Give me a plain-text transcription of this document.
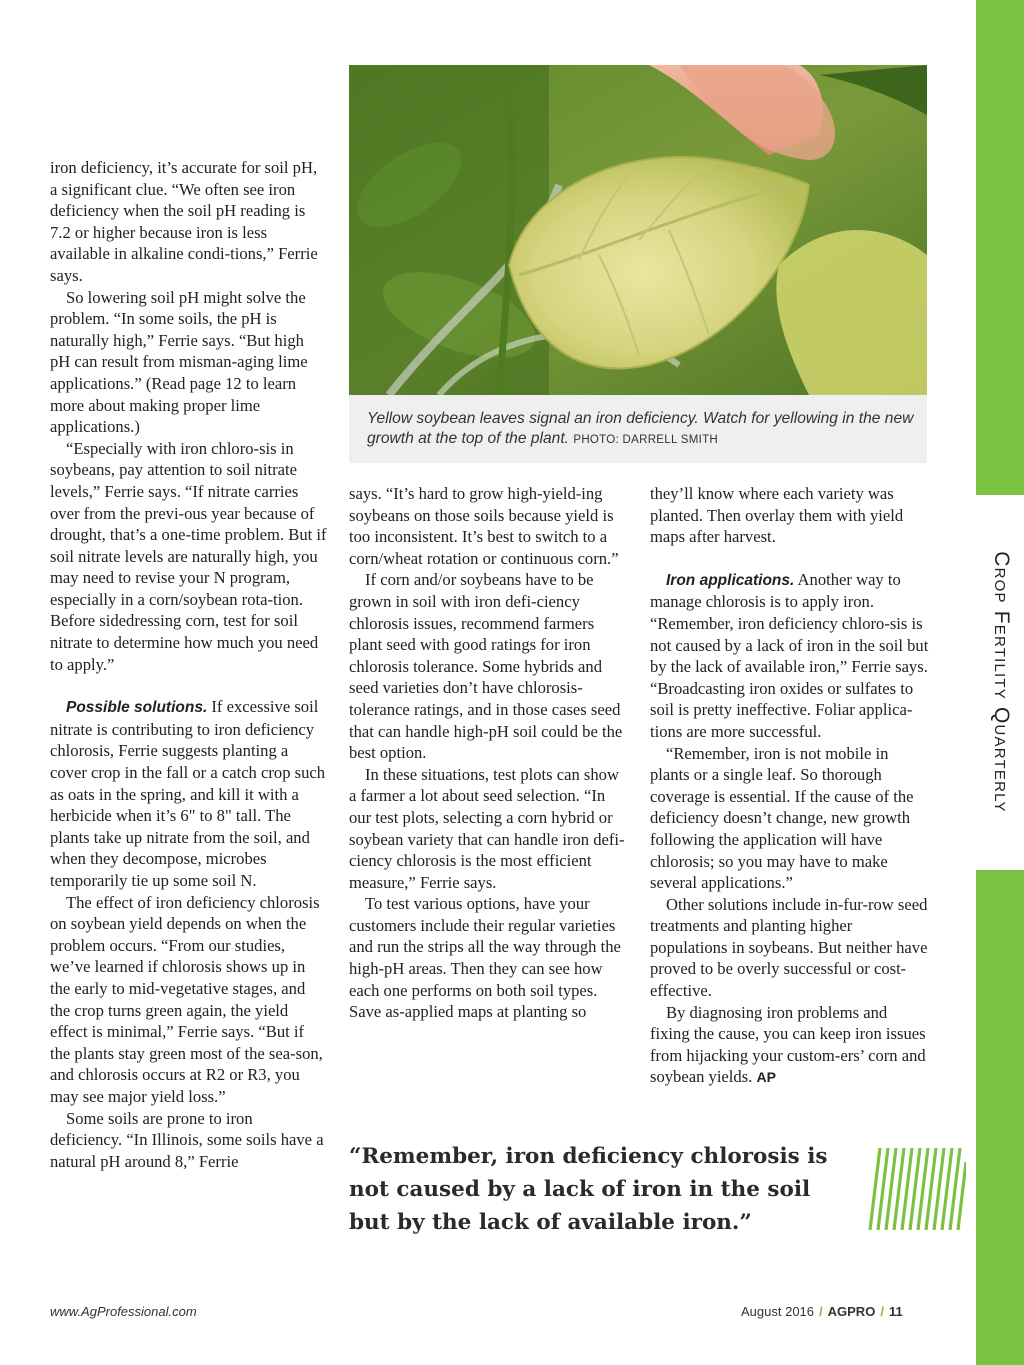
Crop Fertility Quarterly
Yellow soybean leaves signal an iron deficiency. Watch for yellowing in the new growth at the top of the plant. PHOTO: DARRELL SMITH

iron deficiency, it’s accurate for soil pH, a significant clue. “We often see iron deficiency when the soil pH reading is 7.2 or higher because iron is less available in alkaline condi-tions,” Ferrie says.

So lowering soil pH might solve the problem. “In some soils, the pH is naturally high,” Ferrie says. “But high pH can result from misman-aging lime applications.” (Read page 12 to learn more about making proper lime applications.)

“Especially with iron chloro-sis in soybeans, pay attention to soil nitrate levels,” Ferrie says. “If nitrate carries over from the previ-ous year because of drought, that’s a one-time problem. But if soil nitrate levels are naturally high, you may need to revise your N program, especially in a corn/soybean rota-tion. Before sidedressing corn, test for soil nitrate to determine how much you need to apply.”

Possible solutions. If excessive soil nitrate is contributing to iron deficiency chlorosis, Ferrie suggests planting a cover crop in the fall or a catch crop such as oats in the spring, and kill it with a herbicide when it’s 6" to 8" tall. The plants take up nitrate from the soil, and when they decompose, microbes temporarily tie up some soil N.

The effect of iron deficiency chlorosis on soybean yield depends on when the problem occurs. “From our studies, we’ve learned if chlorosis shows up in the early to mid-vegetative stages, and the crop turns green again, the yield effect is minimal,” Ferrie says. “But if the plants stay green most of the sea-son, and chlorosis occurs at R2 or R3, you may see major yield loss.”

Some soils are prone to iron deficiency. “In Illinois, some soils have a natural pH around 8,” Ferrie

says. “It’s hard to grow high-yield-ing soybeans on those soils because yield is too inconsistent. It’s best to switch to a corn/wheat rotation or continuous corn.”

If corn and/or soybeans have to be grown in soil with iron defi-ciency chlorosis issues, recommend farmers plant seed with good ratings for iron chlorosis tolerance. Some hybrids and seed varieties don’t have chlorosis-tolerance ratings, and in those cases seed that can handle high-pH soil could be the best option.

In these situations, test plots can show a farmer a lot about seed selection. “In our test plots, selecting a corn hybrid or soybean variety that can handle iron defi-ciency chlorosis is the most efficient measure,” Ferrie says.

To test various options, have your customers include their regular varieties and run the strips all the way through the high-pH areas. Then they can see how each one performs on both soil types. Save as-applied maps at planting so

they’ll know where each variety was planted. Then overlay them with yield maps after harvest.

Iron applications. Another way to manage chlorosis is to apply iron. “Remember, iron deficiency chloro-sis is not caused by a lack of iron in the soil but by the lack of available iron,” Ferrie says. “Broadcasting iron oxides or sulfates to soil is pretty ineffective. Foliar applica-tions are more successful.

“Remember, iron is not mobile in plants or a single leaf. So thorough coverage is essential. If the cause of the deficiency doesn’t change, new growth following the application will have chlorosis; so you may have to make several applications.”

Other solutions include in-fur-row seed treatments and planting higher populations in soybeans. But neither have proved to be overly successful or cost-effective.

By diagnosing iron problems and fixing the cause, you can keep iron issues from hijacking your custom-ers’ corn and soybean yields. AP

“Remember, iron deficiency chlorosis is not caused by a lack of iron in the soil but by the lack of available iron.”
www.AgProfessional.com	August 2016 / AGPRO / 11
